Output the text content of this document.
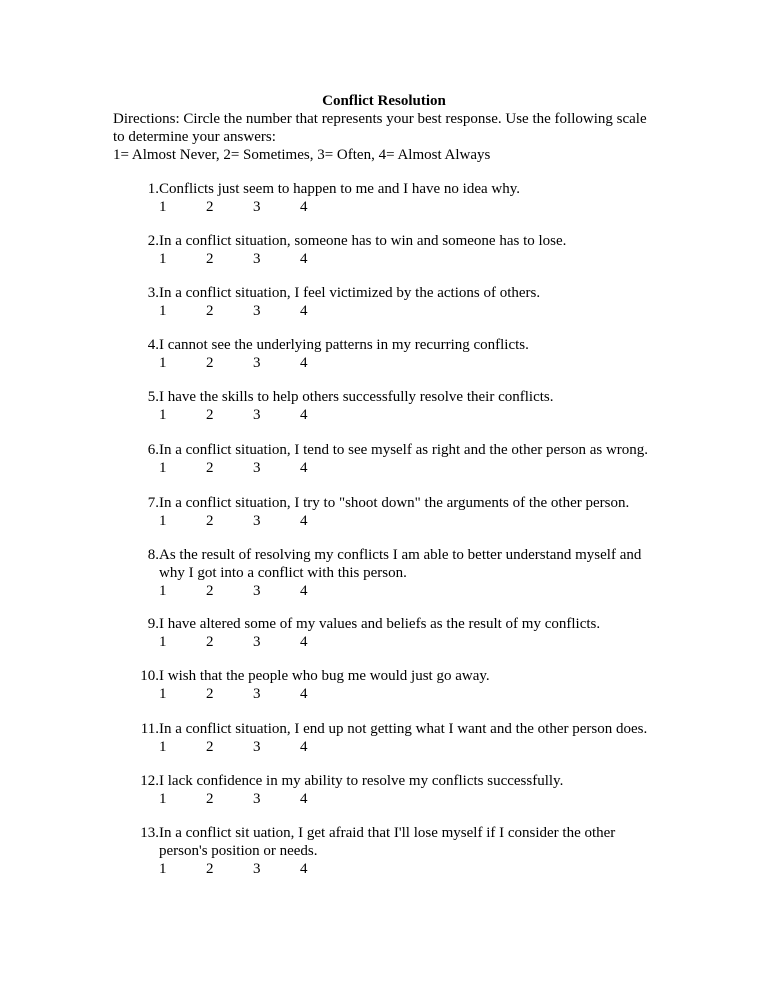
Conflict Resolution

Directions: Circle the number that represents your best response. Use the following scale

to determine your answers:

1= Almost Never, 2= Sometimes, 3= Often, 4= Almost Always

1. Conflicts just seem to happen to me and I have no idea why.
1	2	3	4
2. In a conflict situation, someone has to win and someone has to lose.
1	2	3	4
3. In a conflict situation, I feel victimized by the actions of others.
1	2	3	4
4. I cannot see the underlying patterns in my recurring conflicts.
1	2	3	4
5. I have the skills to help others successfully resolve their conflicts.
1	2	3	4
6. In a conflict situation, I tend to see myself as right and the other person as wrong.
1	2	3	4
7. In a conflict situation, I try to "shoot down" the arguments of the other person.
1	2	3	4
8. As the result of resolving my conflicts I am able to better understand myself and
why I got into a conflict with this person.
1	2	3	4
9. I have altered some of my values and beliefs as the result of my conflicts.
1	2	3	4
10. I wish that the people who bug me would just go away.
1	2	3	4
11. In a conflict situation, I end up not getting what I want and the other person does.
1	2	3	4
12. I lack confidence in my ability to resolve my conflicts successfully.
1	2	3	4
13. In a conflict sit uation, I get afraid that I'll lose myself if I consider the other
person's position or needs.
1	2	3	4
